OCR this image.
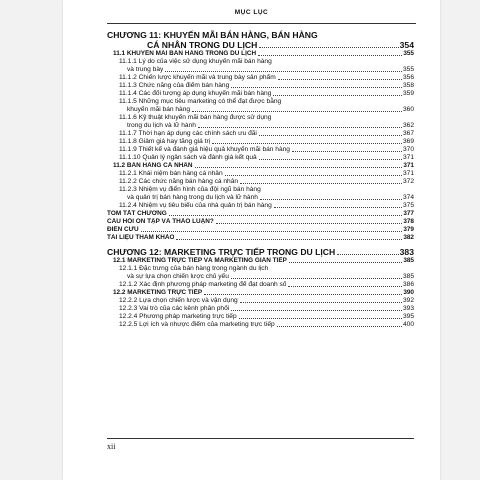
MỤC LỤC
CHƯƠNG 11: KHUYẾN MÃI BÁN HÀNG, BÁN HÀNG
CÁ NHÂN TRONG DU LỊCH	354
11.1 KHUYẾN MÃI BÁN HÀNG TRONG DU LỊCH	355
11.1.1 Lý do của việc sử dụng khuyến mãi bán hàng
và trung bày	355
11.1.2 Chiến lược khuyến mãi và trung bày sản phẩm	356
11.1.3 Chức năng của điểm bán hàng	358
11.1.4 Các đối tượng áp dụng khuyến mãi bán hàng	359
11.1.5 Những mục tiêu marketing có thể đạt được bằng
khuyến mãi bán hàng	360
11.1.6 Kỹ thuật khuyến mãi bán hàng được sử dụng
trong du lịch và lữ hành	362
11.1.7 Thời hạn áp dụng các chính sách ưu đãi	367
11.1.8 Giảm giá hay tăng giá trị	369
11.1.9 Thiết kế và đánh giá hiệu quả khuyến mãi bán hàng	370
11.1.10 Quản lý ngân sách và đánh giá kết quả	371
11.2 BÁN HÀNG CÁ NHÂN	371
11.2.1 Khái niệm bán hàng cá nhân	371
11.2.2 Các chức năng bán hàng cá nhân	372
11.2.3 Nhiệm vụ điển hình của đội ngũ bán hàng
và quản trị bán hàng trong du lịch và lữ hành	374
11.2.4 Nhiệm vụ tiêu biểu của nhà quản trị bán hàng	375
TÓM TẮT CHƯƠNG	377
CÂU HỎI ÔN TẬP VÀ THẢO LUẬN?	378
ĐIỂN CỨU	379
TÀI LIỆU THAM KHẢO	382
CHƯƠNG 12: MARKETING TRỰC TIẾP TRONG DU LỊCH	383
12.1 MARKETING TRỰC TIẾP VÀ MARKETING GIÁN TIẾP	385
12.1.1 Đặc trưng của bán hàng trong ngành du lịch
và sự lựa chọn chiến lược chủ yếu	385
12.1.2 Xác định phương pháp marketing để đạt doanh số	386
12.2 MARKETING TRỰC TIẾP	390
12.2.2 Lựa chọn chiến lược và vận dụng	392
12.2.3 Vai trò của các kênh phân phối	393
12.2.4 Phương pháp marketing trực tiếp	395
12.2.5 Lợi ích và nhược điểm của marketing trực tiếp	400
xii
